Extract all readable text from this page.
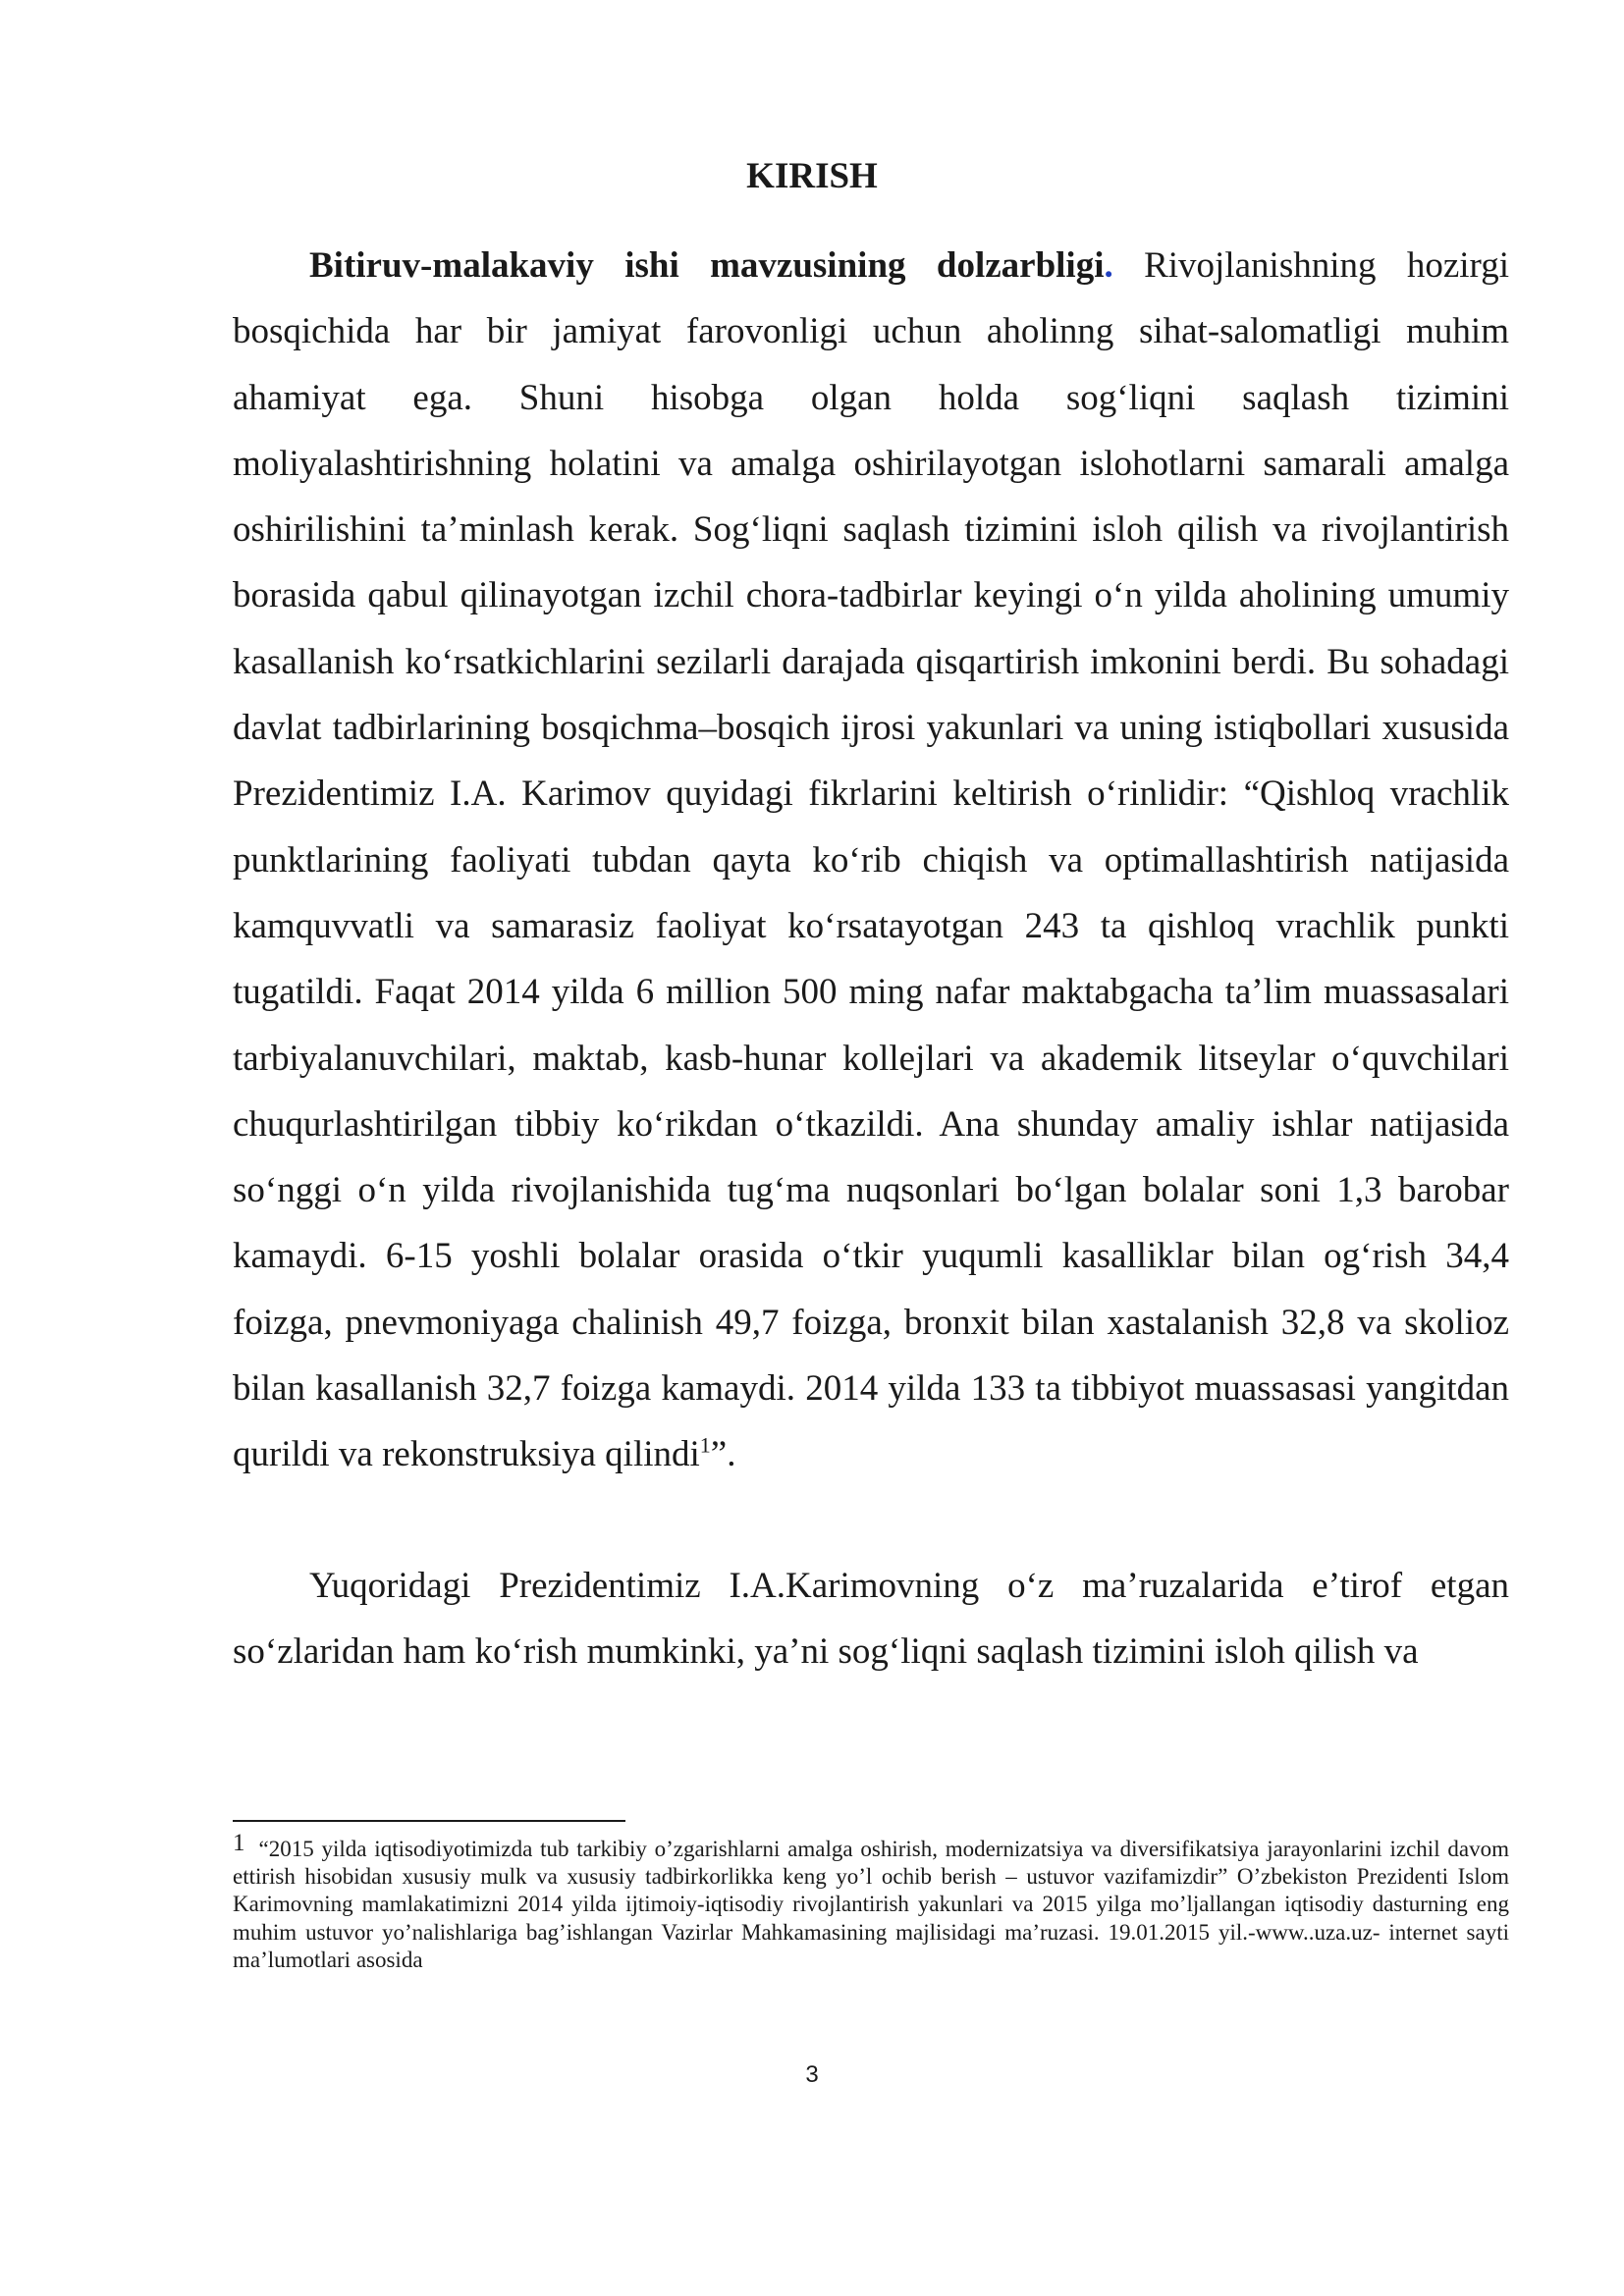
KIRISH

Bitiruv-malakaviy ishi mavzusining dolzarbligi. Rivojlanishning hozirgi bosqichida har bir jamiyat farovonligi uchun aholinng sihat-salomatligi muhim ahamiyat ega. Shuni hisobga olgan holda sog‘liqni saqlash tizimini moliyalashtirishning holatini va amalga oshirilayotgan islohotlarni samarali amalga oshirilishini ta’minlash kerak. Sog‘liqni saqlash tizimini isloh qilish va rivojlantirish borasida qabul qilinayotgan izchil chora-tadbirlar keyingi o‘n yilda aholining umumiy kasallanish ko‘rsatkichlarini sezilarli darajada qisqartirish imkonini berdi. Bu sohadagi davlat tadbirlarining bosqichma–bosqich ijrosi yakunlari va uning istiqbollari xususida Prezidentimiz I.A. Karimov quyidagi fikrlarini keltirish o‘rinlidir: “Qishloq vrachlik punktlarining faoliyati tubdan qayta ko‘rib chiqish va optimallashtirish natijasida kamquvvatli va samarasiz faoliyat ko‘rsatayotgan 243 ta qishloq vrachlik punkti tugatildi. Faqat 2014 yilda 6 million 500 ming nafar maktabgacha ta’lim muassasalari tarbiyalanuvchilari, maktab, kasb-hunar kollejlari va akademik litseylar o‘quvchilari chuqurlashtirilgan tibbiy ko‘rikdan o‘tkazildi. Ana shunday amaliy ishlar natijasida so‘nggi o‘n yilda rivojlanishida tug‘ma nuqsonlari bo‘lgan bolalar soni 1,3 barobar kamaydi. 6-15 yoshli bolalar orasida o‘tkir yuqumli kasalliklar bilan og‘rish 34,4 foizga, pnevmoniyaga chalinish 49,7 foizga, bronxit bilan xastalanish 32,8 va skolioz bilan kasallanish 32,7 foizga kamaydi. 2014 yilda 133 ta tibbiyot muassasasi yangitdan qurildi va rekonstruksiya qilindi$^1$”.

Yuqoridagi Prezidentimiz I.A.Karimovning o‘z ma’ruzalarida e’tirof etgan so‘zlaridan ham ko‘rish mumkinki, ya’ni sog‘liqni saqlash tizimini isloh qilish va

1 “2015 yilda iqtisodiyotimizda tub tarkibiy o’zgarishlarni amalga oshirish, modernizatsiya va diversifikatsiya jarayonlarini izchil davom ettirish hisobidan xususiy mulk va xususiy tadbirkorlikka keng yo’l ochib berish – ustuvor vazifamizdir” O’zbekiston Prezidenti Islom Karimovning mamlakatimizni 2014 yilda ijtimoiy-iqtisodiy rivojlantirish yakunlari va 2015 yilga mo’ljallangan iqtisodiy dasturning eng muhim ustuvor yo’nalishlariga bag’ishlangan Vazirlar Mahkamasining majlisidagi ma’ruzasi. 19.01.2015 yil.-www..uza.uz- internet sayti ma’lumotlari asosida

3
